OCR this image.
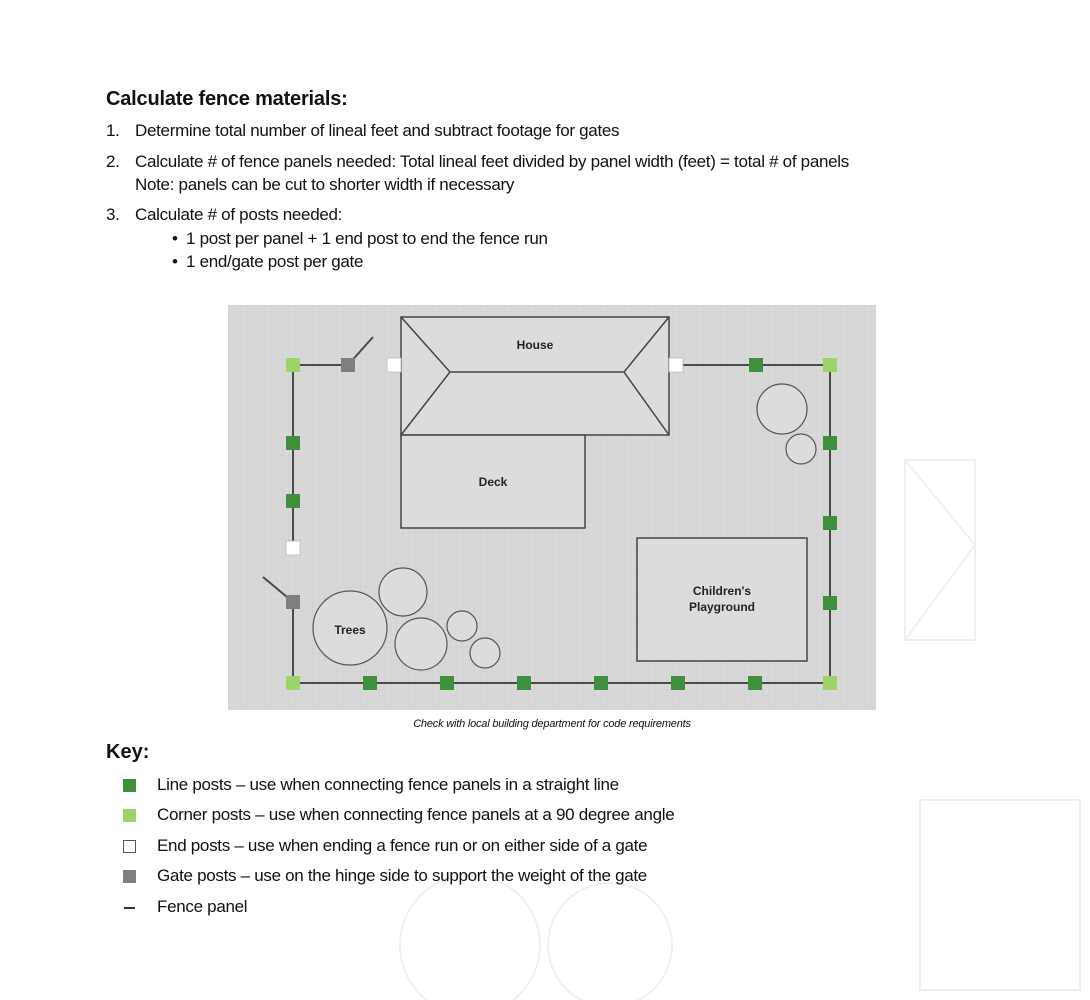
Calculate fence materials:
1. Determine total number of lineal feet and subtract footage for gates
2. Calculate # of fence panels needed: Total lineal feet divided by panel width (feet) = total # of panels
Note: panels can be cut to shorter width if necessary
3. Calculate # of posts needed:
• 1 post per panel + 1 end post to end the fence run
• 1 end/gate post per gate
House
Deck
Children's
Playground
Trees
Check with local building department for code requirements
Key:
Line posts – use when connecting fence panels in a straight line
Corner posts – use when connecting fence panels at a 90 degree angle
End posts – use when ending a fence run or on either side of a gate
Gate posts – use on the hinge side to support the weight of the gate
Fence panel
